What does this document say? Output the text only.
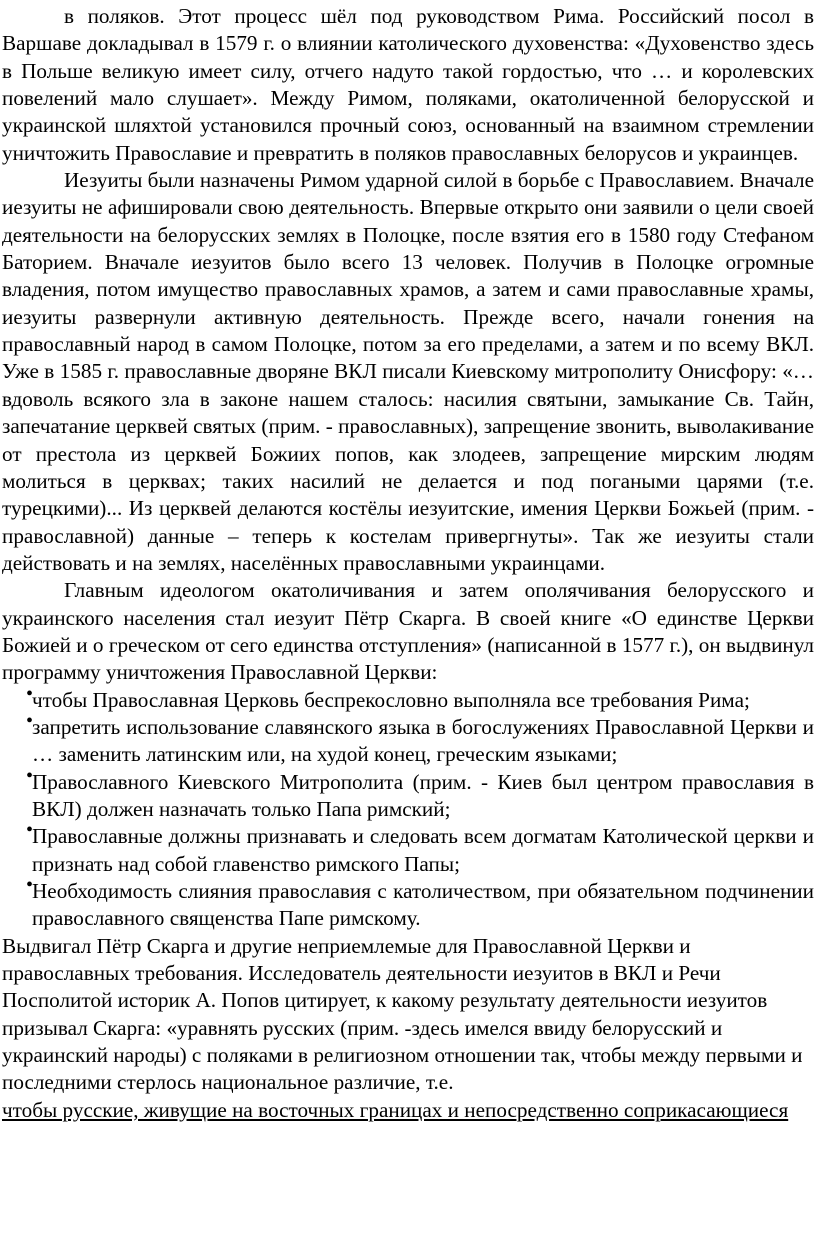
в поляков. Этот процесс шёл под руководством Рима. Российский посол в Варшаве докладывал в 1579 г. о влиянии католического духовенства: «Духовенство здесь в Польше великую имеет силу, отчего надуто такой гордостью, что … и королевских повелений мало слушает». Между Римом, поляками, окатоличенной белорусской и украинской шляхтой установился прочный союз, основанный на взаимном стремлении уничтожить Православие и превратить в поляков православных белорусов и украинцев.

Иезуиты были назначены Римом ударной силой в борьбе с Православием. Вначале иезуиты не афишировали свою деятельность. Впервые открыто они заявили о цели своей деятельности на белорусских землях в Полоцке, после взятия его в 1580 году Стефаном Баторием. Вначале иезуитов было всего 13 человек. Получив в Полоцке огромные владения, потом имущество православных храмов, а затем и сами православные храмы, иезуиты развернули активную деятельность. Прежде всего, начали гонения на православный народ в самом Полоцке, потом за его пределами, а затем и по всему ВКЛ. Уже в 1585 г. православные дворяне ВКЛ писали Киевскому митрополиту Онисфору: «… вдоволь всякого зла в законе нашем сталось: насилия святыни, замыкание Св. Тайн, запечатание церквей святых (прим. - православных), запрещение звонить, выволакивание от престола из церквей Божиих попов, как злодеев, запрещение мирским людям молиться в церквах; таких насилий не делается и под погаными царями (т.е. турецкими)... Из церквей делаются костёлы иезуитские, имения Церкви Божьей (прим. - православной) данные – теперь к костелам привергнуты». Так же иезуиты стали действовать и на землях, населённых православными украинцами.

Главным идеологом окатоличивания и затем ополячивания белорусского и украинского населения стал иезуит Пётр Скарга. В своей книге «О единстве Церкви Божией и о греческом от сего единства отступления» (написанной в 1577 г.), он выдвинул программу уничтожения Православной Церкви:

• чтобы Православная Церковь беспрекословно выполняла все требования Рима;
• запретить использование славянского языка в богослужениях Православной Церкви и … заменить латинским или, на худой конец, греческим языками;
• Православного Киевского Митрополита (прим. - Киев был центром православия в ВКЛ) должен назначать только Папа римский;
• Православные должны признавать и следовать всем догматам Католической церкви и признать над собой главенство римского Папы;
• Необходимость слияния православия с католичеством, при обязательном подчинении православного священства Папе римскому.

Выдвигал Пётр Скарга и другие неприемлемые для Православной Церкви и православных требования. Исследователь деятельности иезуитов в ВКЛ и Речи Посполитой историк А. Попов цитирует, к какому результату деятельности иезуитов призывал Скарга: «уравнять русских (прим. -здесь имелся ввиду белорусский и украинский народы) с поляками в религиозном отношении так, чтобы между первыми и последними стерлось национальное различие, т.е.
чтобы русские, живущие на восточных границах и непосредственно соприкасающиеся
